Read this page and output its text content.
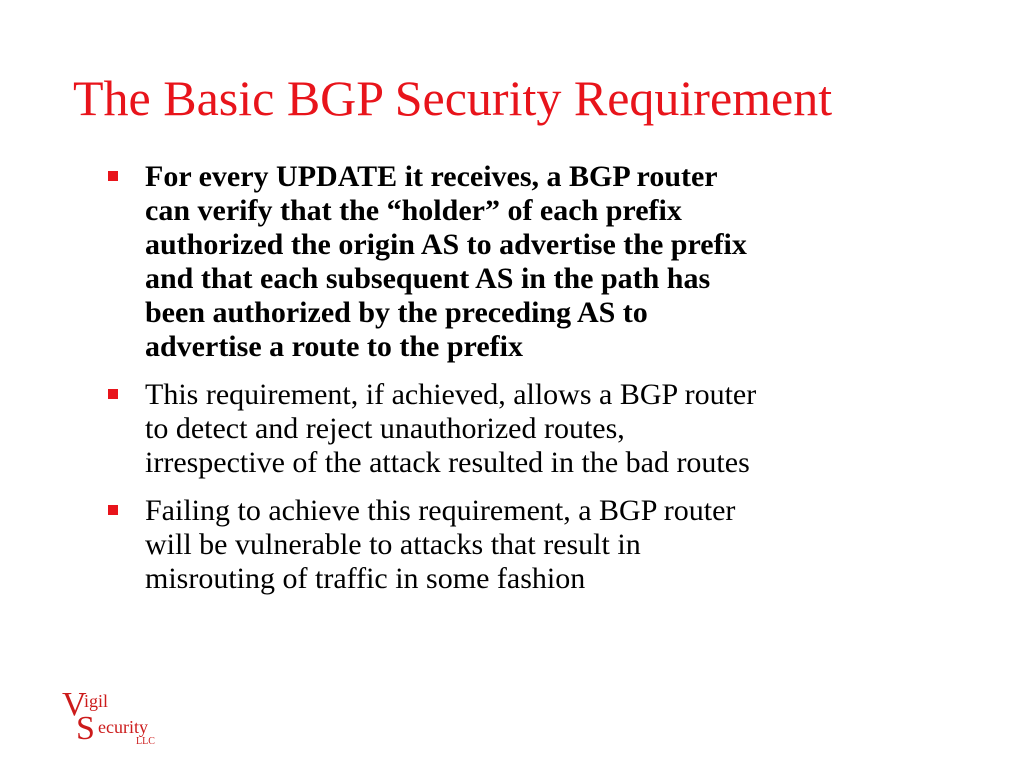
The Basic BGP Security Requirement
For every UPDATE it receives, a BGP router
can verify that the “holder” of each prefix
authorized the origin AS to advertise the prefix
and that each subsequent AS in the path has
been authorized by the preceding AS to
advertise a route to the prefix
This requirement, if achieved, allows a BGP router
to detect and reject unauthorized routes,
irrespective of the attack resulted in the bad routes
Failing to achieve this requirement, a BGP router
will be vulnerable to attacks that result in
misrouting of traffic in some fashion
V
igil
S ecurity
LLC
